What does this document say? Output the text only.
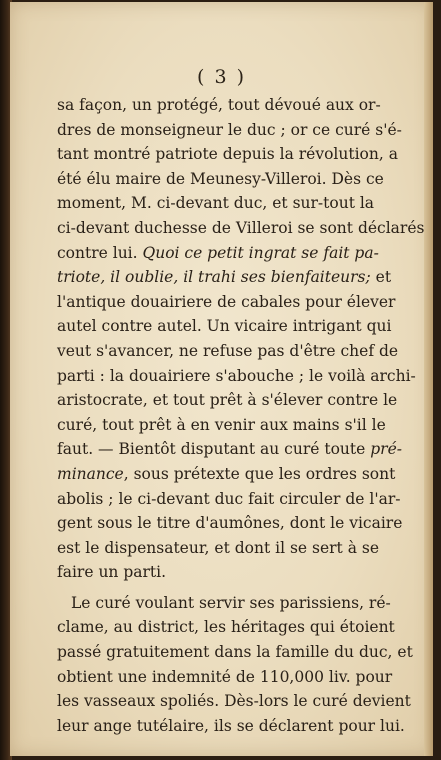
( 3 )
sa façon, un protégé, tout dévoué aux or-
dres de monseigneur le duc ; or ce curé s'é-
tant montré patriote depuis la révolution, a
été élu maire de Meunesy-Villeroi. Dès ce
moment, M. ci-devant duc, et sur-tout la
ci-devant duchesse de Villeroi se sont déclarés
contre lui. Quoi ce petit ingrat se fait pa-
triote, il oublie, il trahi ses bienfaiteurs; et
l'antique douairiere de cabales pour élever
autel contre autel. Un vicaire intrigant qui
veut s'avancer, ne refuse pas d'être chef de
parti : la douairiere s'abouche ; le voilà archi-
aristocrate, et tout prêt à s'élever contre le
curé, tout prêt à en venir aux mains s'il le
faut. — Bientôt disputant au curé toute pré-
minance, sous prétexte que les ordres sont
abolis ; le ci-devant duc fait circuler de l'ar-
gent sous le titre d'aumônes, dont le vicaire
est le dispensateur, et dont il se sert à se
faire un parti.
Le curé voulant servir ses parissiens, ré-
clame, au district, les héritages qui étoient
passé gratuitement dans la famille du duc, et
obtient une indemnité de 110,000 liv. pour
les vasseaux spoliés. Dès-lors le curé devient
leur ange tutélaire, ils se déclarent pour lui.
